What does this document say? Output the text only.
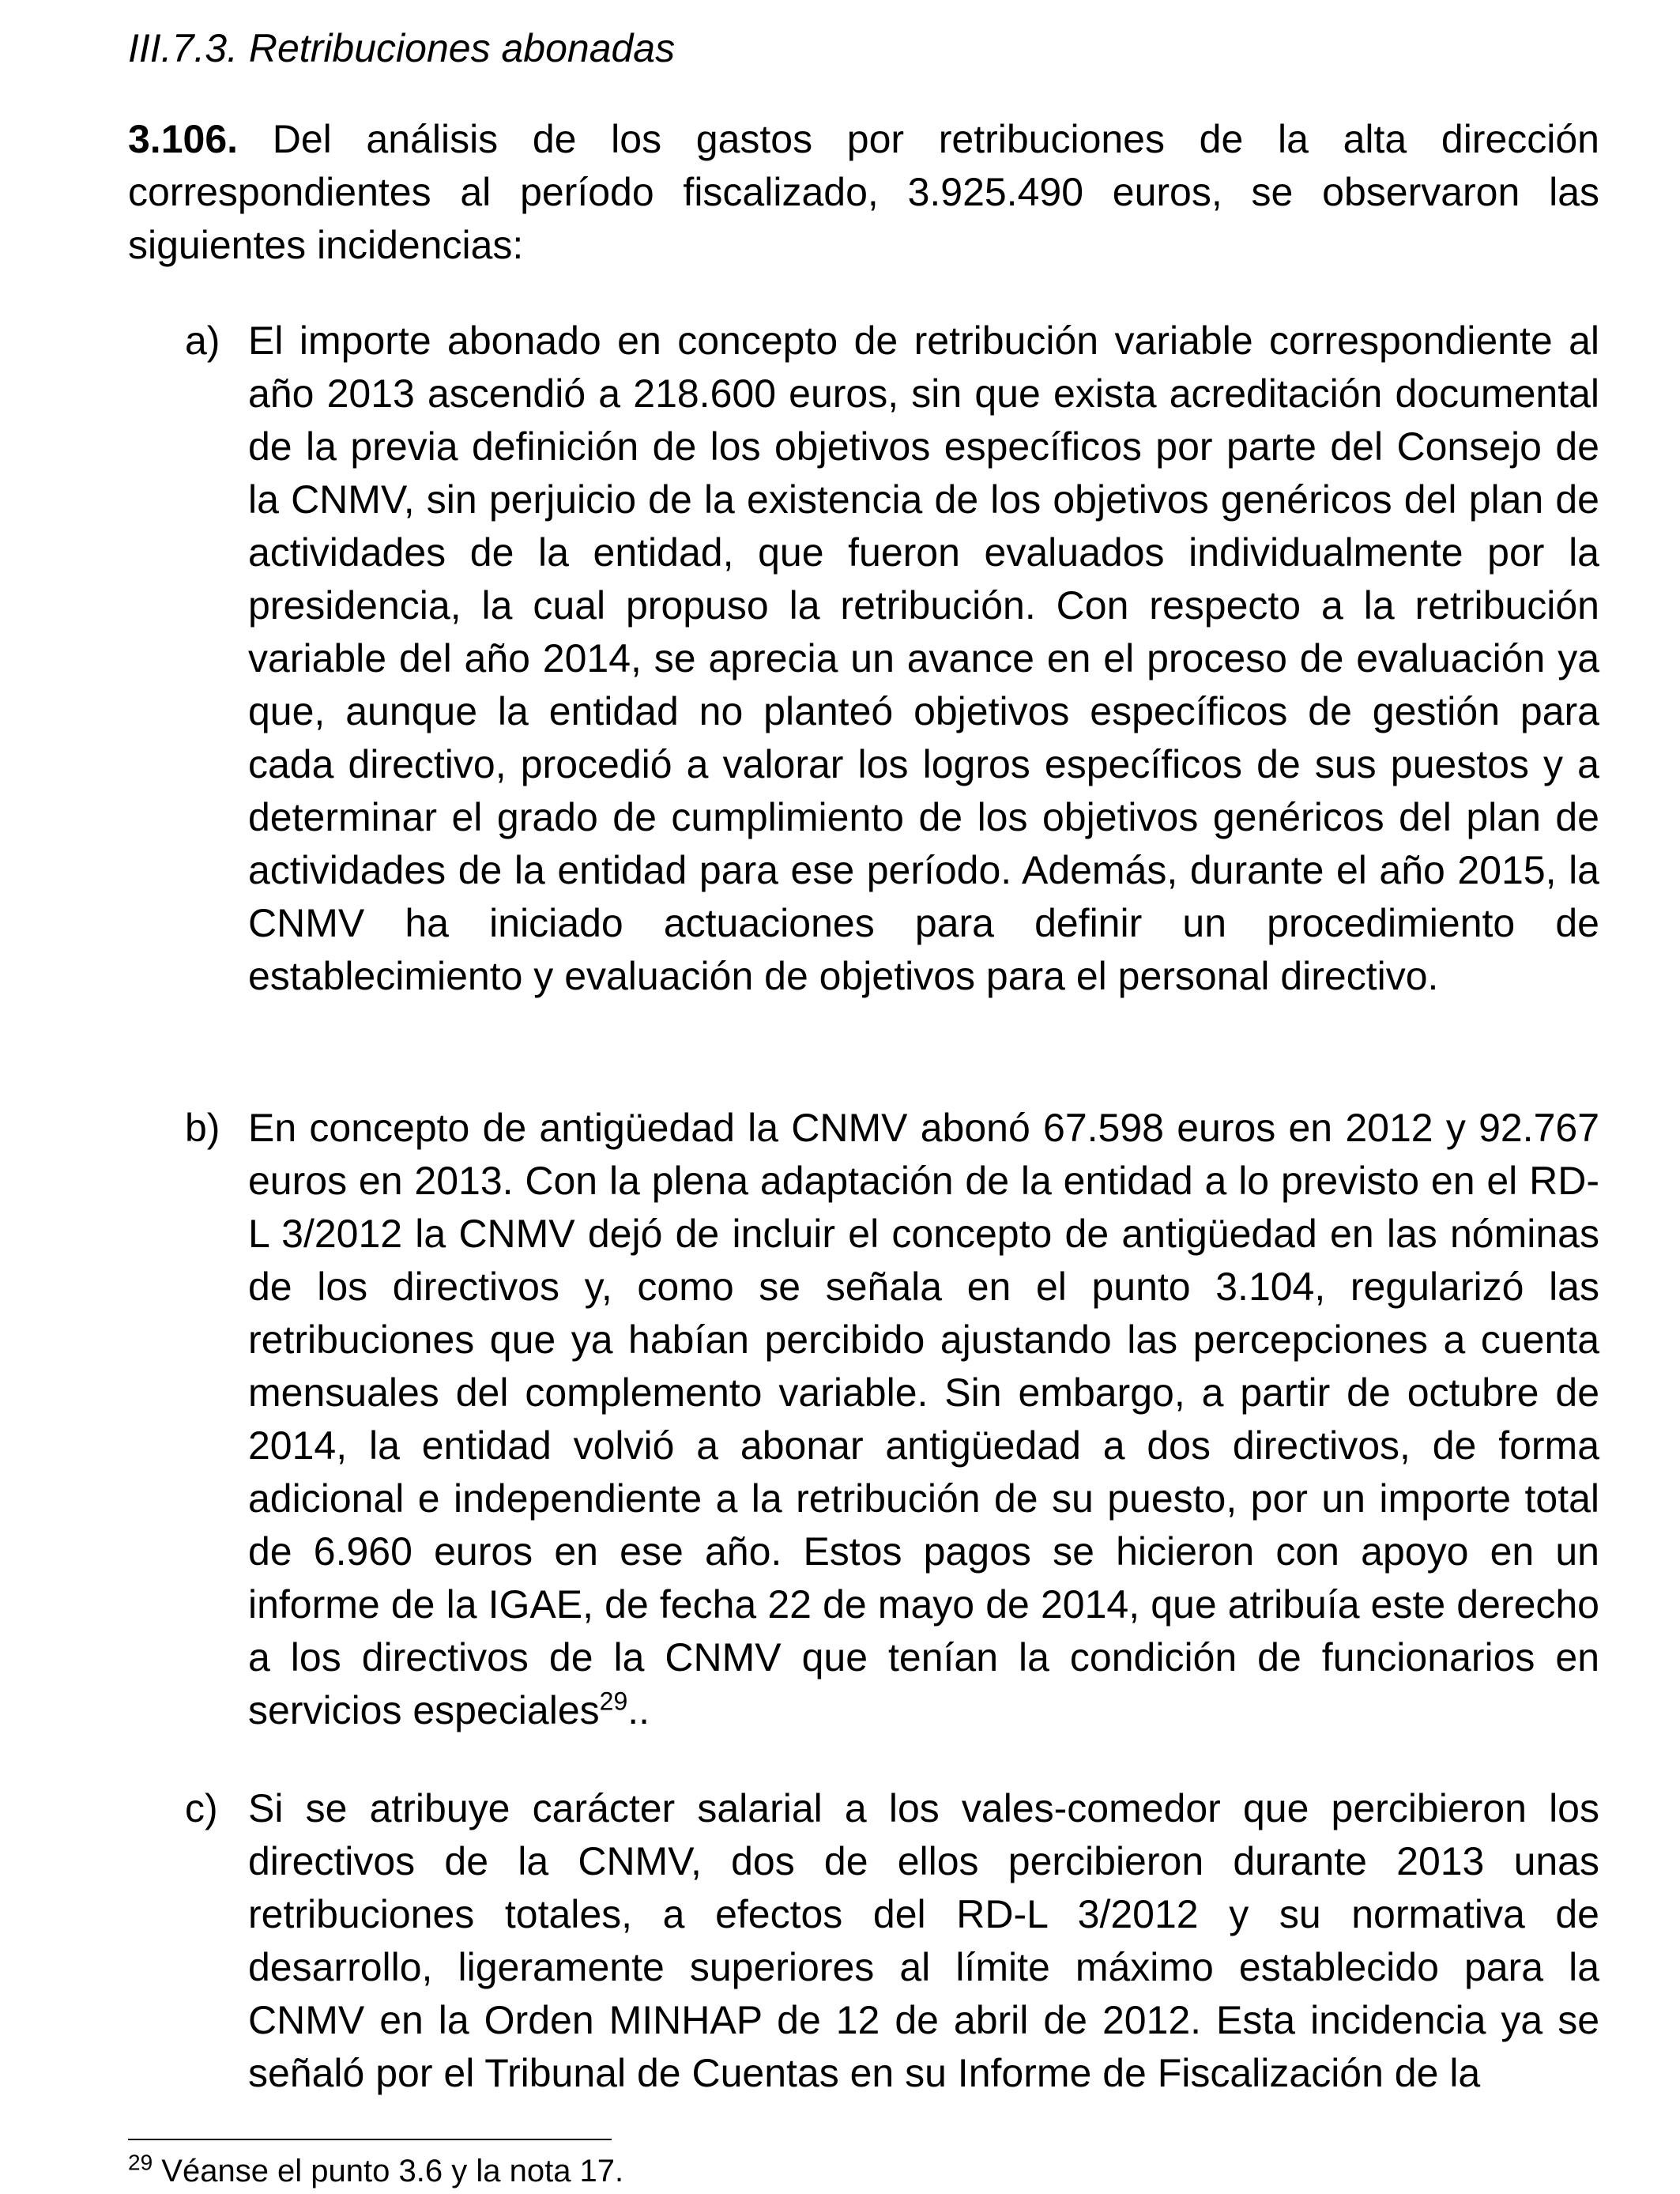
III.7.3. Retribuciones abonadas
3.106. Del análisis de los gastos por retribuciones de la alta dirección correspondientes al período fiscalizado, 3.925.490 euros, se observaron las siguientes incidencias:
a) El importe abonado en concepto de retribución variable correspondiente al año 2013 ascendió a 218.600 euros, sin que exista acreditación documental de la previa definición de los objetivos específicos por parte del Consejo de la CNMV, sin perjuicio de la existencia de los objetivos genéricos del plan de actividades de la entidad, que fueron evaluados individualmente por la presidencia, la cual propuso la retribución. Con respecto a la retribución variable del año 2014, se aprecia un avance en el proceso de evaluación ya que, aunque la entidad no planteó objetivos específicos de gestión para cada directivo, procedió a valorar los logros específicos de sus puestos y a determinar el grado de cumplimiento de los objetivos genéricos del plan de actividades de la entidad para ese período. Además, durante el año 2015, la CNMV ha iniciado actuaciones para definir un procedimiento de establecimiento y evaluación de objetivos para el personal directivo.
b) En concepto de antigüedad la CNMV abonó 67.598 euros en 2012 y 92.767 euros en 2013. Con la plena adaptación de la entidad a lo previsto en el RD-L 3/2012 la CNMV dejó de incluir el concepto de antigüedad en las nóminas de los directivos y, como se señala en el punto 3.104, regularizó las retribuciones que ya habían percibido ajustando las percepciones a cuenta mensuales del complemento variable. Sin embargo, a partir de octubre de 2014, la entidad volvió a abonar antigüedad a dos directivos, de forma adicional e independiente a la retribución de su puesto, por un importe total de 6.960 euros en ese año. Estos pagos se hicieron con apoyo en un informe de la IGAE, de fecha 22 de mayo de 2014, que atribuía este derecho a los directivos de la CNMV que tenían la condición de funcionarios en servicios especiales$^{29}$..
c) Si se atribuye carácter salarial a los vales-comedor que percibieron los directivos de la CNMV, dos de ellos percibieron durante 2013 unas retribuciones totales, a efectos del RD-L 3/2012 y su normativa de desarrollo, ligeramente superiores al límite máximo establecido para la CNMV en la Orden MINHAP de 12 de abril de 2012. Esta incidencia ya se señaló por el Tribunal de Cuentas en su Informe de Fiscalización de la
$^{29}$ Véanse el punto 3.6 y la nota 17.
